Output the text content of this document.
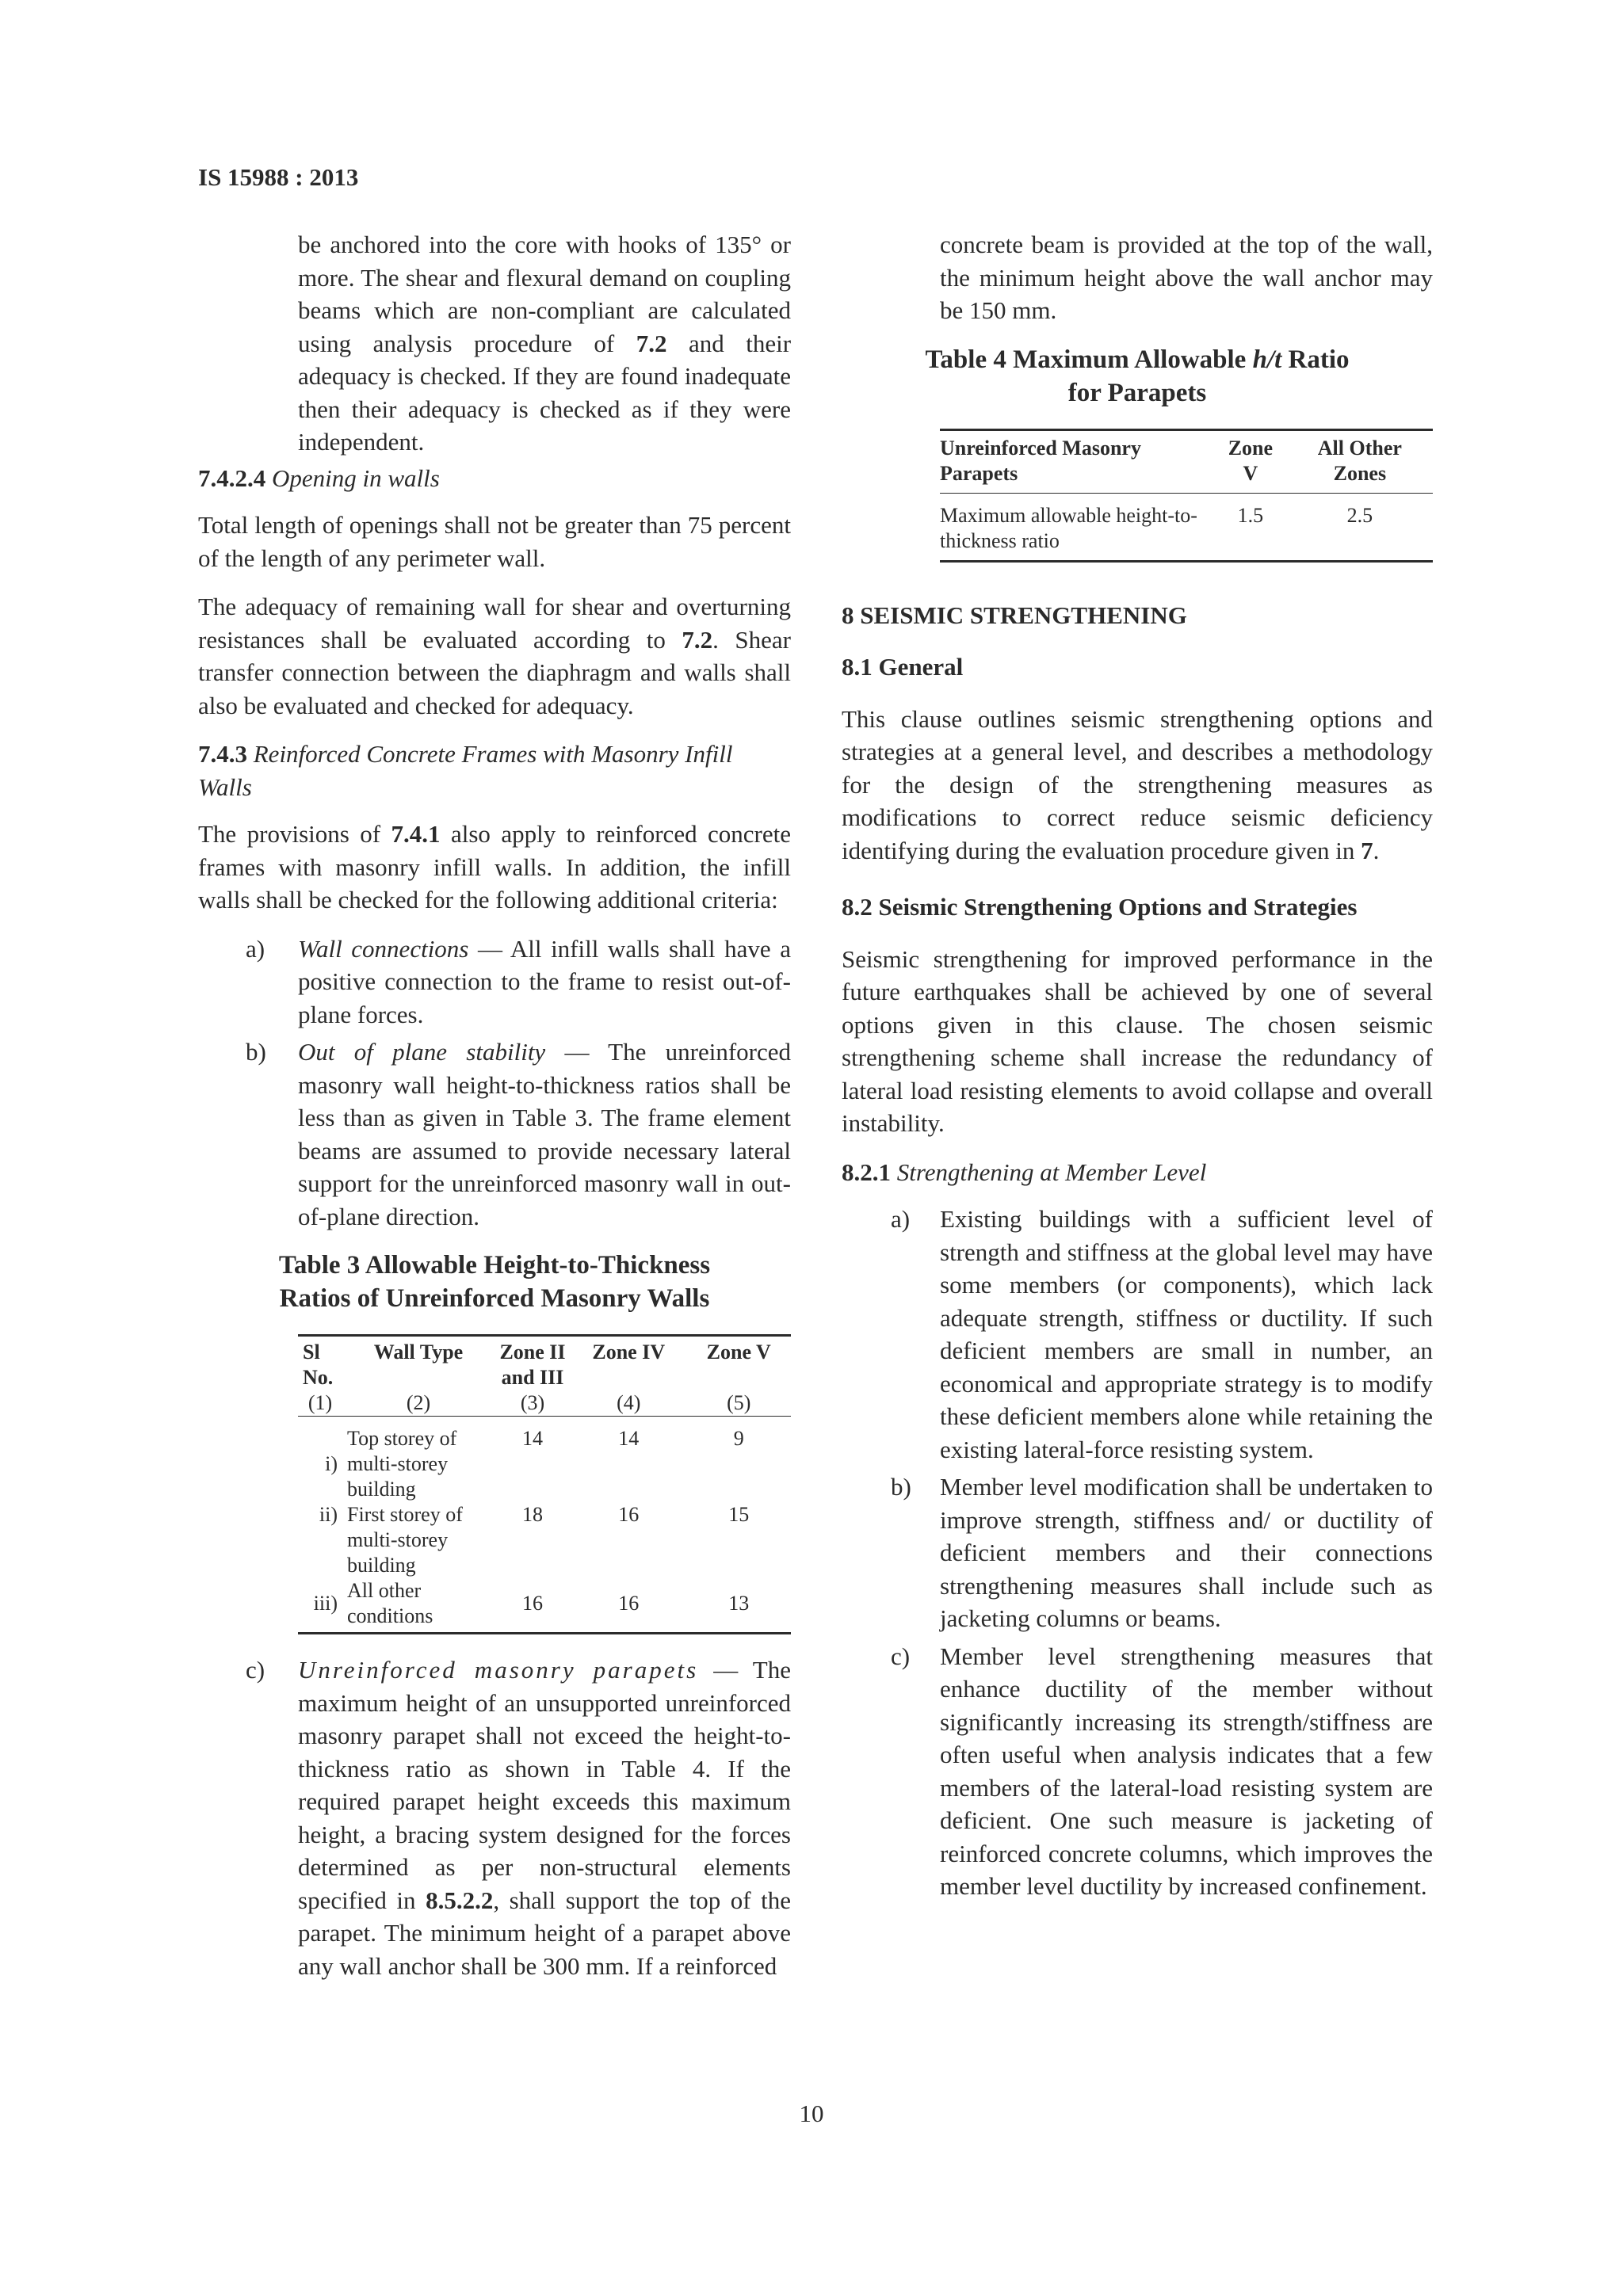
IS 15988 : 2013

be anchored into the core with hooks of 135° or more. The shear and flexural demand on coupling beams which are non-compliant are calculated using analysis procedure of 7.2 and their adequacy is checked. If they are found inadequate then their adequacy is checked as if they were independent.

7.4.2.4 Opening in walls

Total length of openings shall not be greater than 75 percent of the length of any perimeter wall.

The adequacy of remaining wall for shear and overturning resistances shall be evaluated according to 7.2. Shear transfer connection between the diaphragm and walls shall also be evaluated and checked for adequacy.

7.4.3 Reinforced Concrete Frames with Masonry Infill Walls

The provisions of 7.4.1 also apply to reinforced concrete frames with masonry infill walls. In addition, the infill walls shall be checked for the following additional criteria:

a)	Wall connections — All infill walls shall have a positive connection to the frame to resist out-of-plane forces.
b)	Out of plane stability — The unreinforced masonry wall height-to-thickness ratios shall be less than as given in Table 3. The frame element beams are assumed to provide necessary lateral support for the unreinforced masonry wall in out-of-plane direction.
Table 3 Allowable Height-to-Thickness
Ratios of Unreinforced Masonry Walls
Sl No.	Wall Type	Zone II and III	Zone IV	Zone V
(1)	(2)	(3)	(4)	(5)
i)	Top storey of multi-storey building	14	14	9
ii)	First storey of multi-storey building	18	16	15
iii)	All other conditions	16	16	13
c)	Unreinforced masonry parapets — The maximum height of an unsupported unreinforced masonry parapet shall not exceed the height-to-thickness ratio as shown in Table 4. If the required parapet height exceeds this maximum height, a bracing system designed for the forces determined as per non-structural elements specified in 8.5.2.2, shall support the top of the parapet. The minimum height of a parapet above any wall anchor shall be 300 mm. If a reinforced

concrete beam is provided at the top of the wall, the minimum height above the wall anchor may be 150 mm.

Table 4 Maximum Allowable h/t Ratio
for Parapets
Unreinforced Masonry Parapets	Zone V	All Other Zones
Maximum allowable height-to-thickness ratio	1.5	2.5

8 SEISMIC STRENGTHENING

8.1 General

This clause outlines seismic strengthening options and strategies at a general level, and describes a methodology for the design of the strengthening measures as modifications to correct reduce seismic deficiency identifying during the evaluation procedure given in 7.

8.2 Seismic Strengthening Options and Strategies

Seismic strengthening for improved performance in the future earthquakes shall be achieved by one of several options given in this clause. The chosen seismic strengthening scheme shall increase the redundancy of lateral load resisting elements to avoid collapse and overall instability.

8.2.1 Strengthening at Member Level

a)	Existing buildings with a sufficient level of strength and stiffness at the global level may have some members (or components), which lack adequate strength, stiffness or ductility. If such deficient members are small in number, an economical and appropriate strategy is to modify these deficient members alone while retaining the existing lateral-force resisting system.
b)	Member level modification shall be undertaken to improve strength, stiffness and/ or ductility of deficient members and their connections strengthening measures shall include such as jacketing columns or beams.
c)	Member level strengthening measures that enhance ductility of the member without significantly increasing its strength/stiffness are often useful when analysis indicates that a few members of the lateral-load resisting system are deficient. One such measure is jacketing of reinforced concrete columns, which improves the member level ductility by increased confinement.
10
